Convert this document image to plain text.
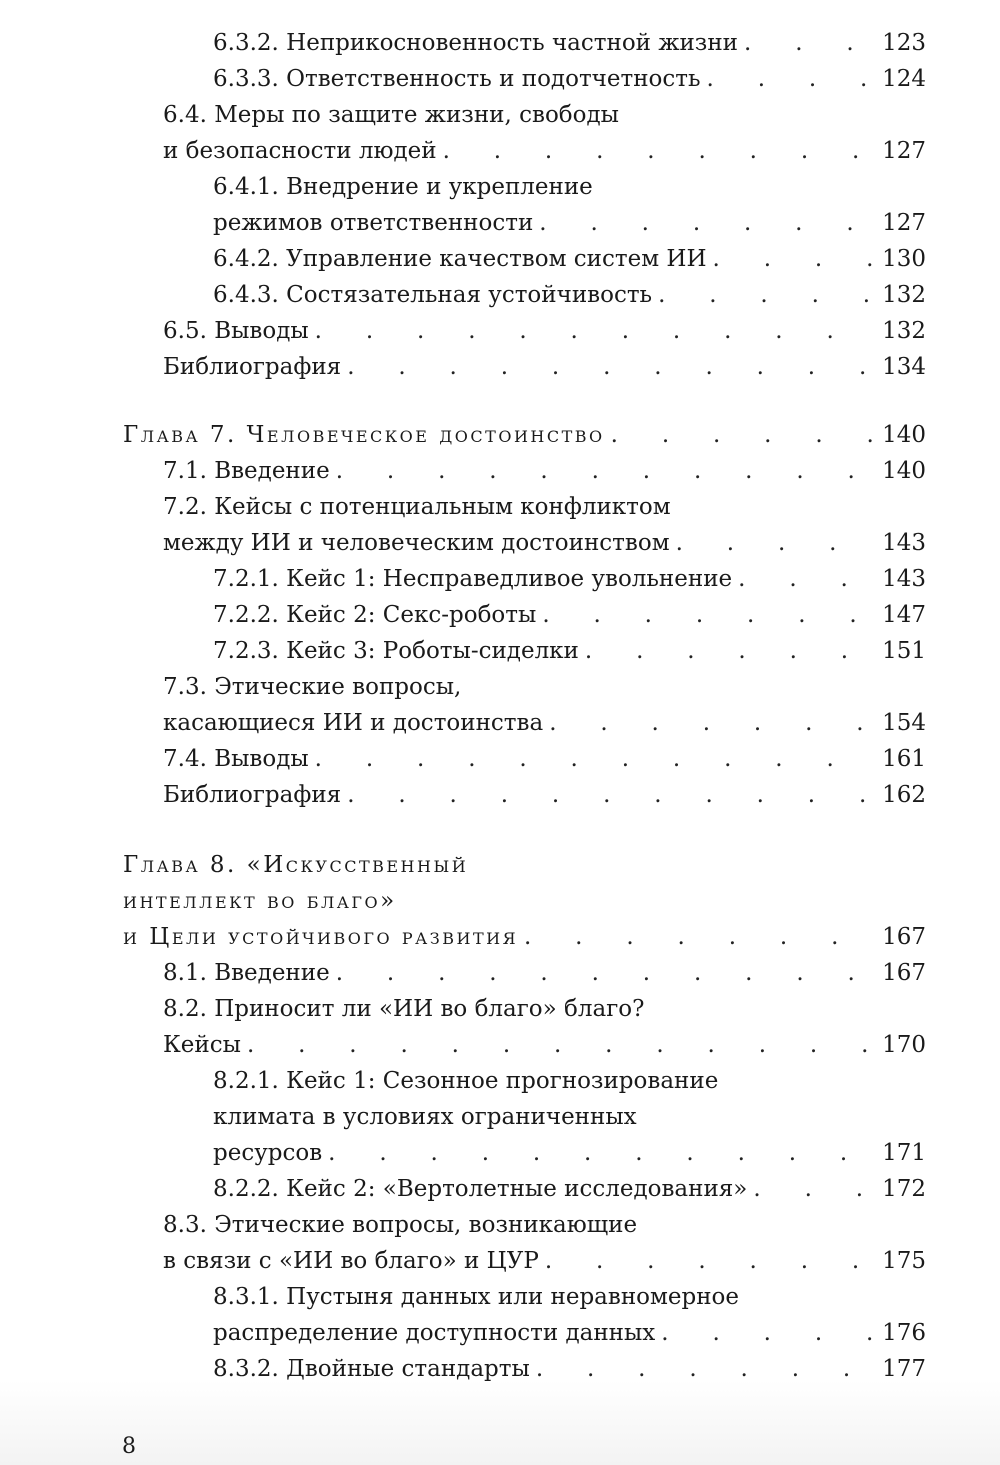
6.3.2. Неприкосновенность частной жизни .	123
6.3.3. Ответственность и подотчетность .	124
6.4. Меры по защите жизни, свободы
и безопасности людей .	127
6.4.1. Внедрение и укрепление
режимов ответственности .	127
6.4.2. Управление качеством систем ИИ .	130
6.4.3. Состязательная устойчивость .	132
6.5. Выводы .	132
Библиография .	134
Глава 7. Человеческое достоинство .	140
7.1. Введение .	140
7.2. Кейсы с потенциальным конфликтом
между ИИ и человеческим достоинством .	143
7.2.1. Кейс 1: Несправедливое увольнение .	143
7.2.2. Кейс 2: Секс-роботы .	147
7.2.3. Кейс 3: Роботы-сиделки .	151
7.3. Этические вопросы,
касающиеся ИИ и достоинства .	154
7.4. Выводы .	161
Библиография .	162
Глава 8. «Искусственный
интеллект во благо»
и Цели устойчивого развития .	167
8.1. Введение .	167
8.2. Приносит ли «ИИ во благо» благо?
Кейсы .	170
8.2.1. Кейс 1: Сезонное прогнозирование
климата в условиях ограниченных
ресурсов .	171
8.2.2. Кейс 2: «Вертолетные исследования» .	172
8.3. Этические вопросы, возникающие
в связи с «ИИ во благо» и ЦУР .	175
8.3.1. Пустыня данных или неравномерное
распределение доступности данных .	176
8.3.2. Двойные стандарты .	177
8
